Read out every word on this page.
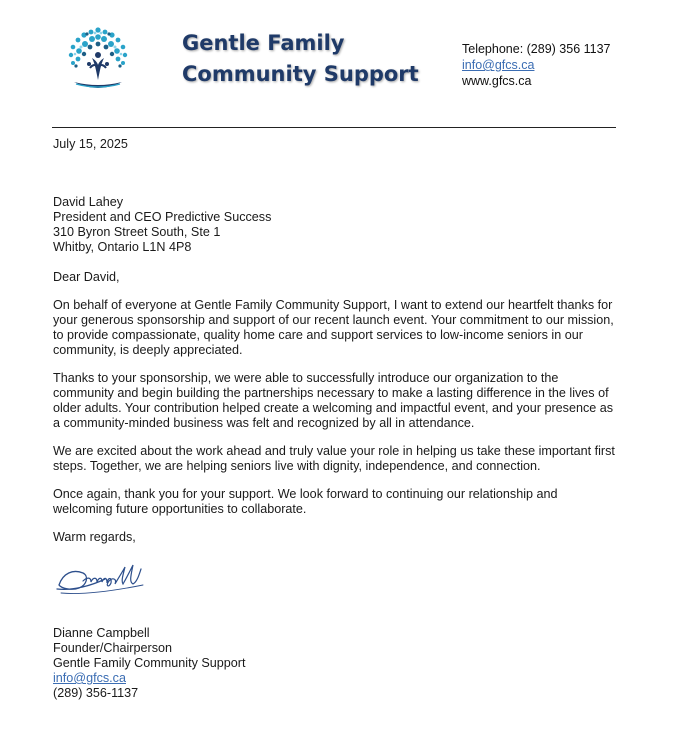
Gentle Family
Community Support
Telephone: (289) 356 1137
info@gfcs.ca
www.gfcs.ca
July 15, 2025
David Lahey
President and CEO Predictive Success
310 Byron Street South, Ste 1
Whitby, Ontario L1N 4P8
Dear David,

On behalf of everyone at Gentle Family Community Support, I want to extend our heartfelt thanks for your generous sponsorship and support of our recent launch event. Your commitment to our mission, to provide compassionate, quality home care and support services to low-income seniors in our community, is deeply appreciated.

Thanks to your sponsorship, we were able to successfully introduce our organization to the community and begin building the partnerships necessary to make a lasting difference in the lives of older adults. Your contribution helped create a welcoming and impactful event, and your presence as a community-minded business was felt and recognized by all in attendance.

We are excited about the work ahead and truly value your role in helping us take these important first steps. Together, we are helping seniors live with dignity, independence, and connection.

Once again, thank you for your support. We look forward to continuing our relationship and welcoming future opportunities to collaborate.

Warm regards,
Dianne Campbell
Founder/Chairperson
Gentle Family Community Support
info@gfcs.ca
(289) 356-1137
